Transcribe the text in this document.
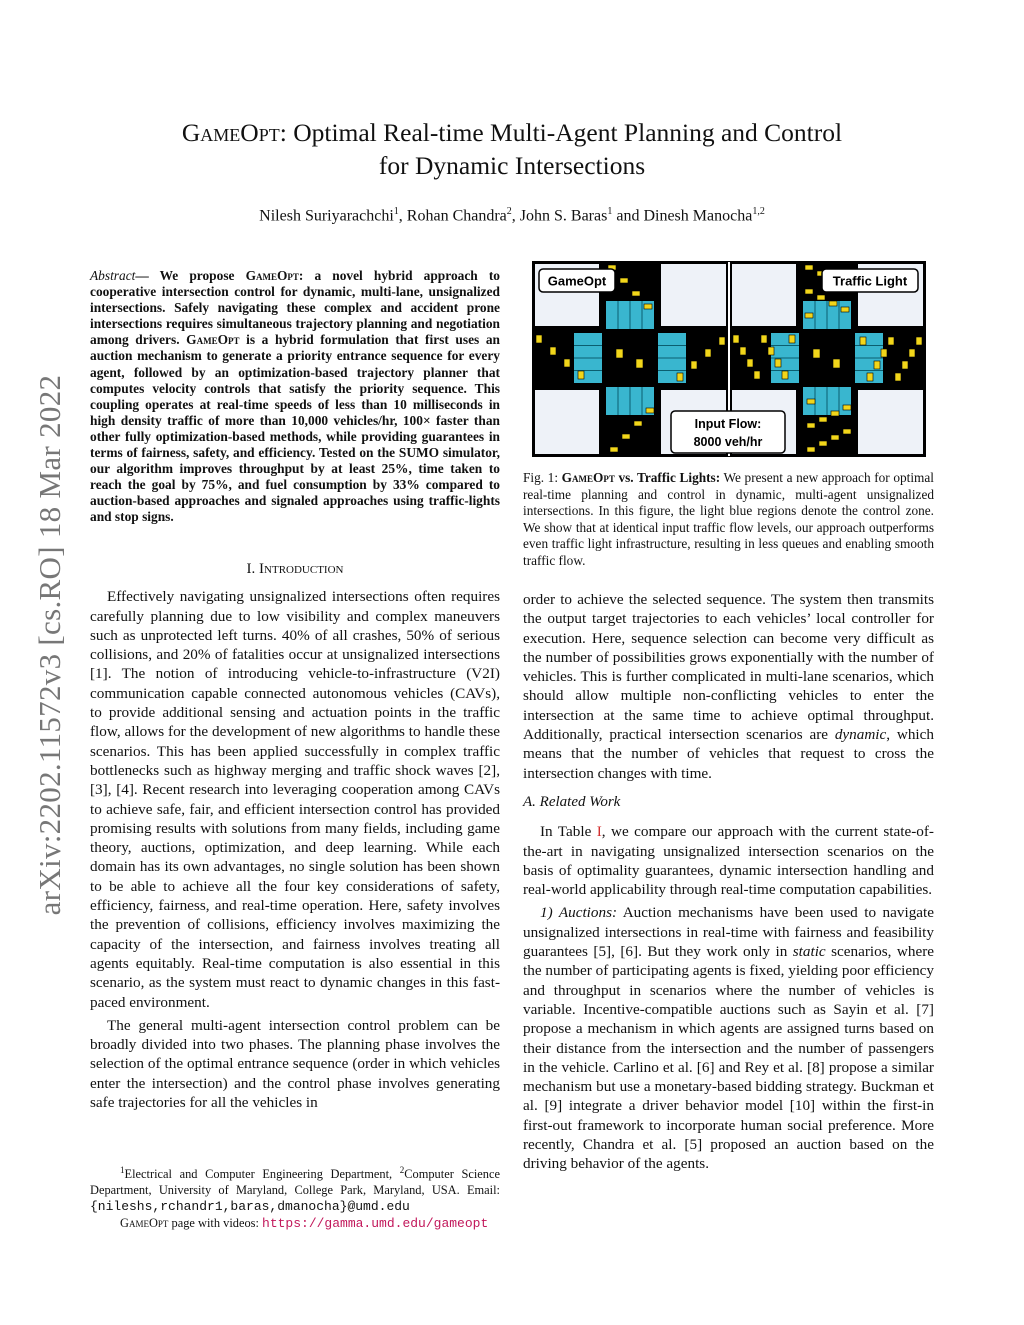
GameOpt: Optimal Real-time Multi-Agent Planning and Control
for Dynamic Intersections
Nilesh Suriyarachchi$^1$, Rohan Chandra$^2$, John S. Baras$^1$ and Dinesh Manocha$^{1,2}$
arXiv:2202.11572v3 [cs.RO] 18 Mar 2022
Abstract— We propose GameOpt: a novel hybrid approach to cooperative intersection control for dynamic, multi-lane, unsignalized intersections. Safely navigating these complex and accident prone intersections requires simultaneous trajectory planning and negotiation among drivers. GameOpt is a hybrid formulation that first uses an auction mechanism to generate a priority entrance sequence for every agent, followed by an optimization-based trajectory planner that computes velocity controls that satisfy the priority sequence. This coupling operates at real-time speeds of less than 10 milliseconds in high density traffic of more than 10,000 vehicles/hr, 100× faster than other fully optimization-based methods, while providing guarantees in terms of fairness, safety, and efficiency. Tested on the SUMO simulator, our algorithm improves throughput by at least 25%, time taken to reach the goal by 75%, and fuel consumption by 33% compared to auction-based approaches and signaled approaches using traffic-lights and stop signs.

I. Introduction

Effectively navigating unsignalized intersections often requires carefully planning due to low visibility and complex maneuvers such as unprotected left turns. 40% of all crashes, 50% of serious collisions, and 20% of fatalities occur at unsignalized intersections [1]. The notion of introducing vehicle-to-infrastructure (V2I) communication capable connected autonomous vehicles (CAVs), to provide additional sensing and actuation points in the traffic flow, allows for the development of new algorithms to handle these scenarios. This has been applied successfully in complex traffic bottlenecks such as highway merging and traffic shock waves [2], [3], [4]. Recent research into leveraging cooperation among CAVs to achieve safe, fair, and efficient intersection control has provided promising results with solutions from many fields, including game theory, auctions, optimization, and deep learning. While each domain has its own advantages, no single solution has been shown to be able to achieve all the four key considerations of safety, efficiency, fairness, and real-time operation. Here, safety involves the prevention of collisions, efficiency involves maximizing the capacity of the intersection, and fairness involves treating all agents equitably. Real-time computation is also essential in this scenario, as the system must react to dynamic changes in this fast-paced environment.

The general multi-agent intersection control problem can be broadly divided into two phases. The planning phase involves the selection of the optimal entrance sequence (order in which vehicles enter the intersection) and the control phase involves generating safe trajectories for all the vehicles in

$^1$Electrical and Computer Engineering Department, $^2$Computer Science Department, University of Maryland, College Park, Maryland, USA. Email: {nileshs,rchandr1,baras,dmanocha}@umd.edu

GameOpt page with videos: https://gamma.umd.edu/gameopt

GameOpt	Traffic Light
Input Flow:
8000 veh/hr
Fig. 1: GameOpt vs. Traffic Lights: We present a new approach for optimal real-time planning and control in dynamic, multi-agent unsignalized intersections. In this figure, the light blue regions denote the control zone. We show that at identical input traffic flow levels, our approach outperforms even traffic light infrastructure, resulting in less queues and enabling smooth traffic flow.

order to achieve the selected sequence. The system then transmits the output target trajectories to each vehicles’ local controller for execution. Here, sequence selection can become very difficult as the number of possibilities grows exponentially with the number of vehicles. This is further complicated in multi-lane scenarios, which should allow multiple non-conflicting vehicles to enter the intersection at the same time to achieve optimal throughput. Additionally, practical intersection scenarios are dynamic, which means that the number of vehicles that request to cross the intersection changes with time.

A. Related Work

In Table I, we compare our approach with the current state-of-the-art in navigating unsignalized intersection scenarios on the basis of optimality guarantees, dynamic intersection handling and real-world applicability through real-time computation capabilities.

1) Auctions: Auction mechanisms have been used to navigate unsignalized intersections in real-time with fairness and feasibility guarantees [5], [6]. But they work only in static scenarios, where the number of participating agents is fixed, yielding poor efficiency and throughput in scenarios where the number of vehicles is variable. Incentive-compatible auctions such as Sayin et al. [7] propose a mechanism in which agents are assigned turns based on their distance from the intersection and the number of passengers in the vehicle. Carlino et al. [6] and Rey et al. [8] propose a similar mechanism but use a monetary-based bidding strategy. Buckman et al. [9] integrate a driver behavior model [10] within the first-in first-out framework to incorporate human social preference. More recently, Chandra et al. [5] proposed an auction based on the driving behavior of the agents.
